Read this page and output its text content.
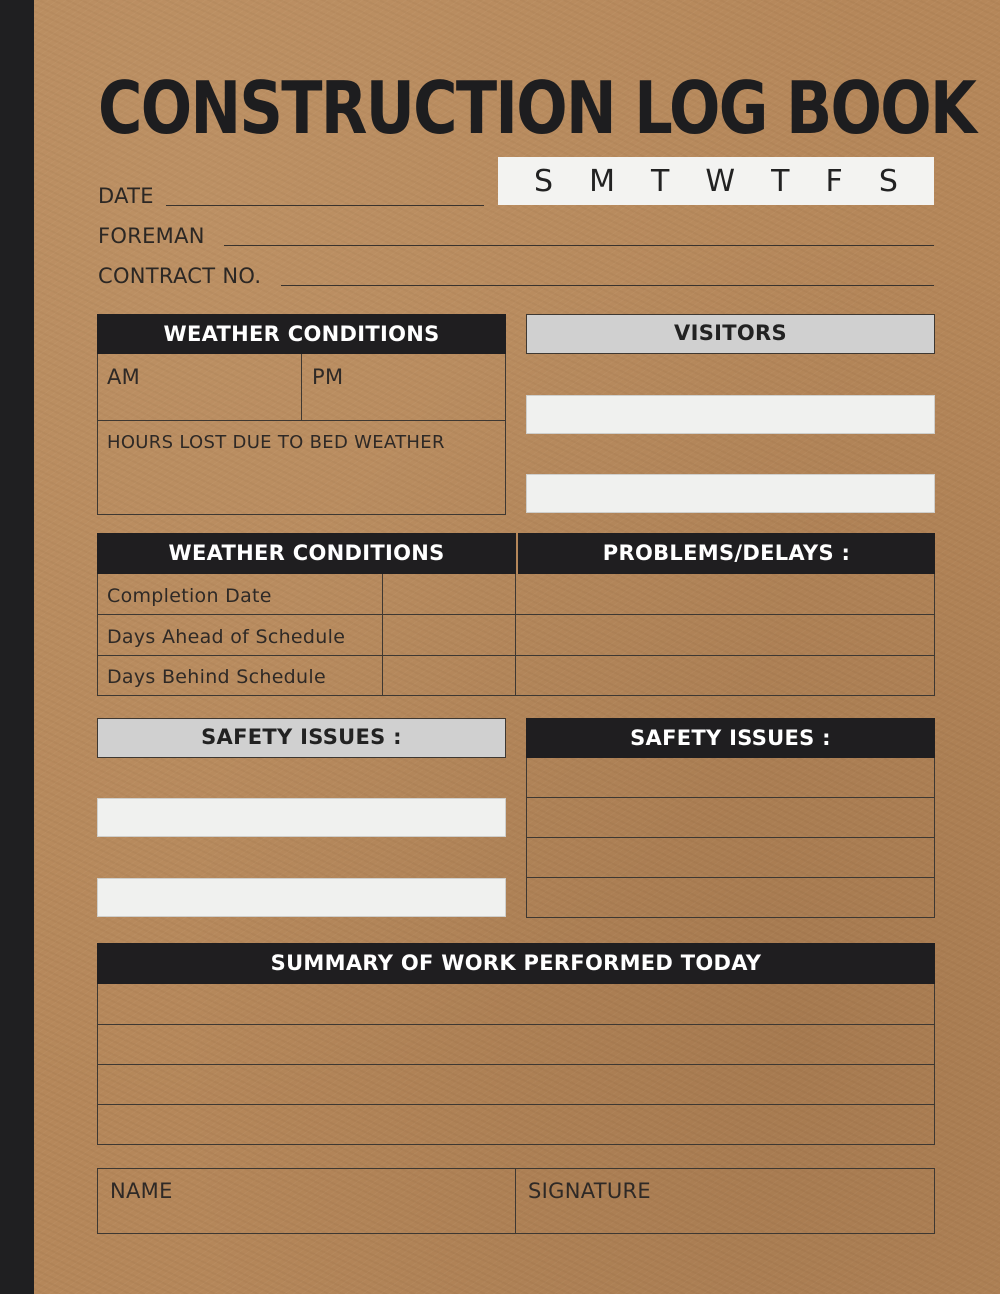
CONSTRUCTION LOG BOOK
DATE	S M T W T F S
FOREMAN
CONTRACT NO.
WEATHER CONDITIONS
AM	PM
HOURS LOST DUE TO BED WEATHER
VISITORS
WEATHER CONDITIONS	PROBLEMS/DELAYS :
Completion Date
Days Ahead of Schedule
Days Behind Schedule
SAFETY ISSUES :	SAFETY ISSUES :
SUMMARY OF WORK PERFORMED TODAY
NAME	SIGNATURE
